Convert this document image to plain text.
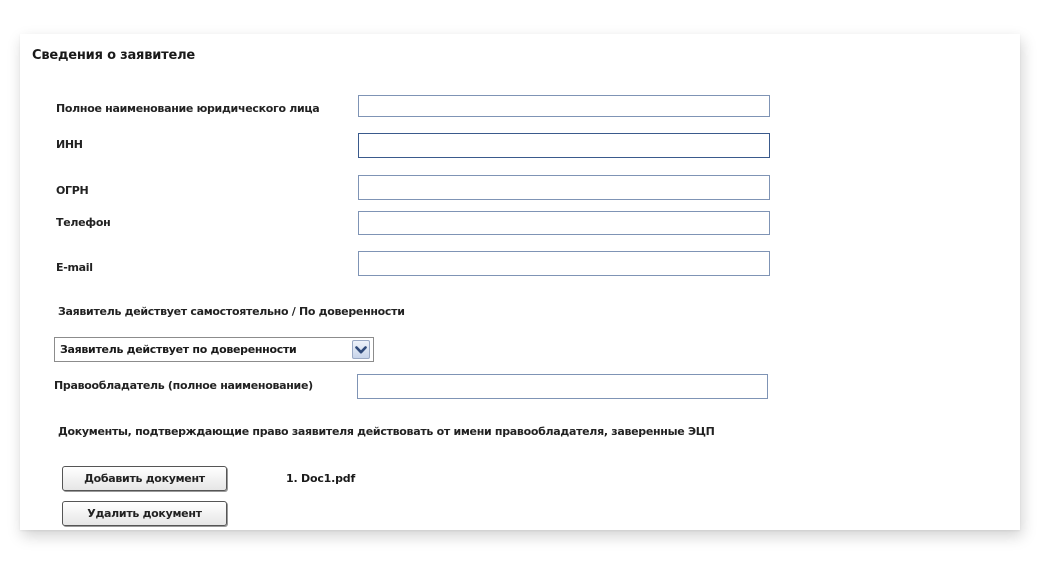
Сведения о заявителе
Полное наименование юридического лица
ИНН
ОГРН
Телефон
E-mail
Заявитель действует самостоятельно / По доверенности
Заявитель действует по доверенности
Правообладатель (полное наименование)
Документы, подтверждающие право заявителя действовать от имени правообладателя, заверенные ЭЦП
Добавить документ
Удалить документ
1. Doc1.pdf
